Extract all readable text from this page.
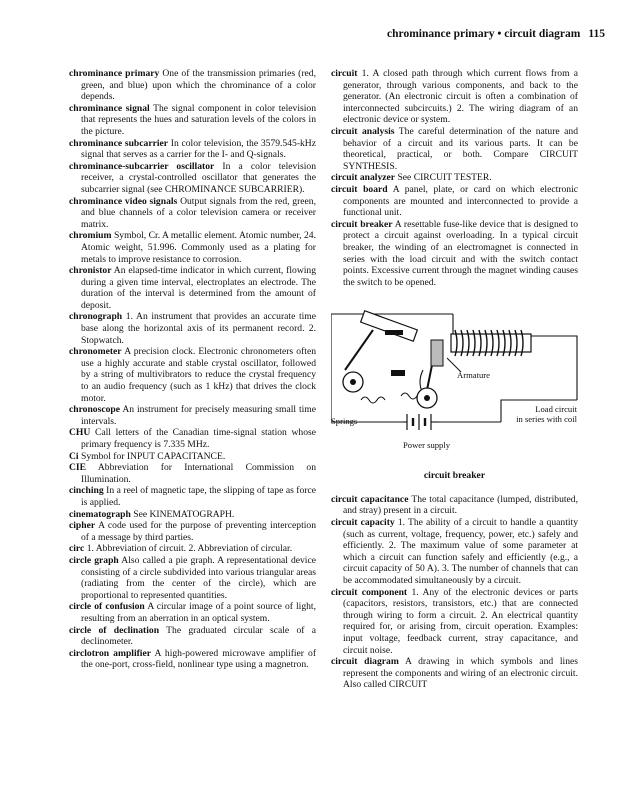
chrominance primary • circuit diagram 115

chrominance primary One of the transmission primaries (red, green, and blue) upon which the chrominance of a color depends.

chrominance signal The signal component in color television that represents the hues and saturation levels of the colors in the picture.

chrominance subcarrier In color television, the 3579.545-kHz signal that serves as a carrier for the I- and Q-signals.

chrominance-subcarrier oscillator In a color television receiver, a crystal-controlled oscillator that generates the subcarrier signal (see CHROMINANCE SUBCARRIER).

chrominance video signals Output signals from the red, green, and blue channels of a color television camera or receiver matrix.

chromium Symbol, Cr. A metallic element. Atomic number, 24. Atomic weight, 51.996. Commonly used as a plating for metals to improve resistance to corrosion.

chronistor An elapsed-time indicator in which current, flowing during a given time interval, electroplates an electrode. The duration of the interval is determined from the amount of deposit.

chronograph 1. An instrument that provides an accurate time base along the horizontal axis of its permanent record. 2. Stopwatch.

chronometer A precision clock. Electronic chronometers often use a highly accurate and stable crystal oscillator, followed by a string of multivibrators to reduce the crystal frequency to an audio frequency (such as 1 kHz) that drives the clock motor.

chronoscope An instrument for precisely measuring small time intervals.

CHU Call letters of the Canadian time-signal station whose primary frequency is 7.335 MHz.

Ci Symbol for INPUT CAPACITANCE.

CIE Abbreviation for International Commission on Illumination.

cinching In a reel of magnetic tape, the slipping of tape as force is applied.

cinematograph See KINEMATOGRAPH.

cipher A code used for the purpose of preventing interception of a message by third parties.

circ 1. Abbreviation of circuit. 2. Abbreviation of circular.

circle graph Also called a pie graph. A representational device consisting of a circle subdivided into various triangular areas (radiating from the center of the circle), which are proportional to represented quantities.

circle of confusion A circular image of a point source of light, resulting from an aberration in an optical system.

circle of declination The graduated circular scale of a declinometer.

circlotron amplifier A high-powered microwave amplifier of the one-port, cross-field, nonlinear type using a magnetron.

circuit 1. A closed path through which current flows from a generator, through various components, and back to the generator. (An electronic circuit is often a combination of interconnected subcircuits.) 2. The wiring diagram of an electronic device or system.

circuit analysis The careful determination of the nature and behavior of a circuit and its various parts. It can be theoretical, practical, or both. Compare CIRCUIT SYNTHESIS.

circuit analyzer See CIRCUIT TESTER.

circuit board A panel, plate, or card on which electronic components are mounted and interconnected to provide a functional unit.

circuit breaker A resettable fuse-like device that is designed to protect a circuit against overloading. In a typical circuit breaker, the winding of an electromagnet is connected in series with the load circuit and with the switch contact points. Excessive current through the magnet winding causes the switch to be opened.

Armature
Load circuit
in series with coil
Springs
Power supply
circuit breaker

circuit capacitance The total capacitance (lumped, distributed, and stray) present in a circuit.

circuit capacity 1. The ability of a circuit to handle a quantity (such as current, voltage, frequency, power, etc.) safely and efficiently. 2. The maximum value of some parameter at which a circuit can function safely and efficiently (e.g., a circuit capacity of 50 A). 3. The number of channels that can be accommodated simultaneously by a circuit.

circuit component 1. Any of the electronic devices or parts (capacitors, resistors, transistors, etc.) that are connected through wiring to form a circuit. 2. An electrical quantity required for, or arising from, circuit operation. Examples: input voltage, feedback current, stray capacitance, and circuit noise.

circuit diagram A drawing in which symbols and lines represent the components and wiring of an electronic circuit. Also called CIRCUIT
